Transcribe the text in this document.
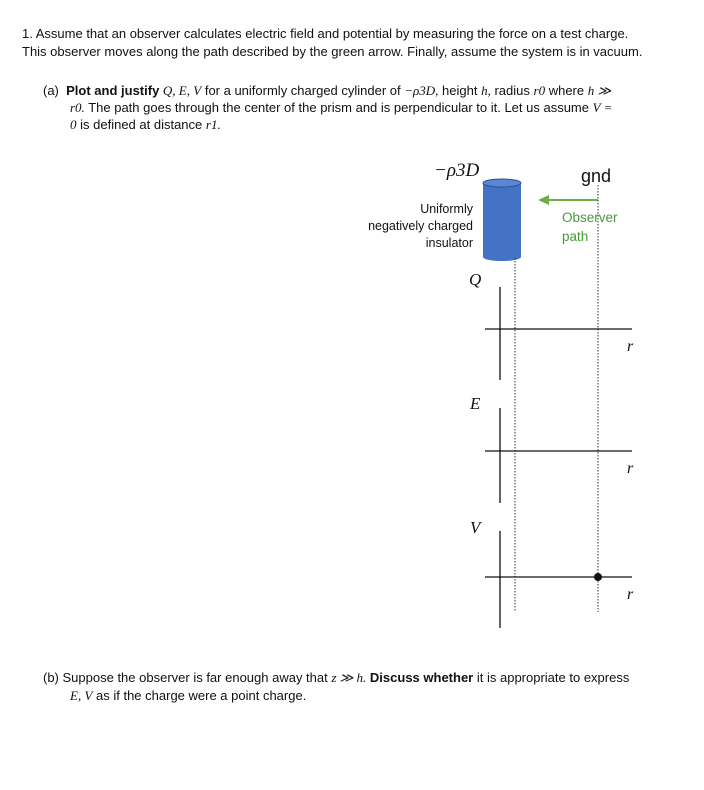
1. Assume that an observer calculates electric field and potential by measuring the force on a test charge.
This observer moves along the path described by the green arrow. Finally, assume the system is in vacuum.
(a) Plot and justify Q, E, V for a uniformly charged cylinder of −ρ3D, height h, radius r0 where h ≫
r0. The path goes through the center of the prism and is perpendicular to it. Let us assume V =
0 is defined at distance r1.
−ρ3D	gnd
Uniformly
negatively charged
insulator
Observer
path
Q
r
E
r
V
r
(b) Suppose the observer is far enough away that z ≫ h. Discuss whether it is appropriate to express
E, V as if the charge were a point charge.
